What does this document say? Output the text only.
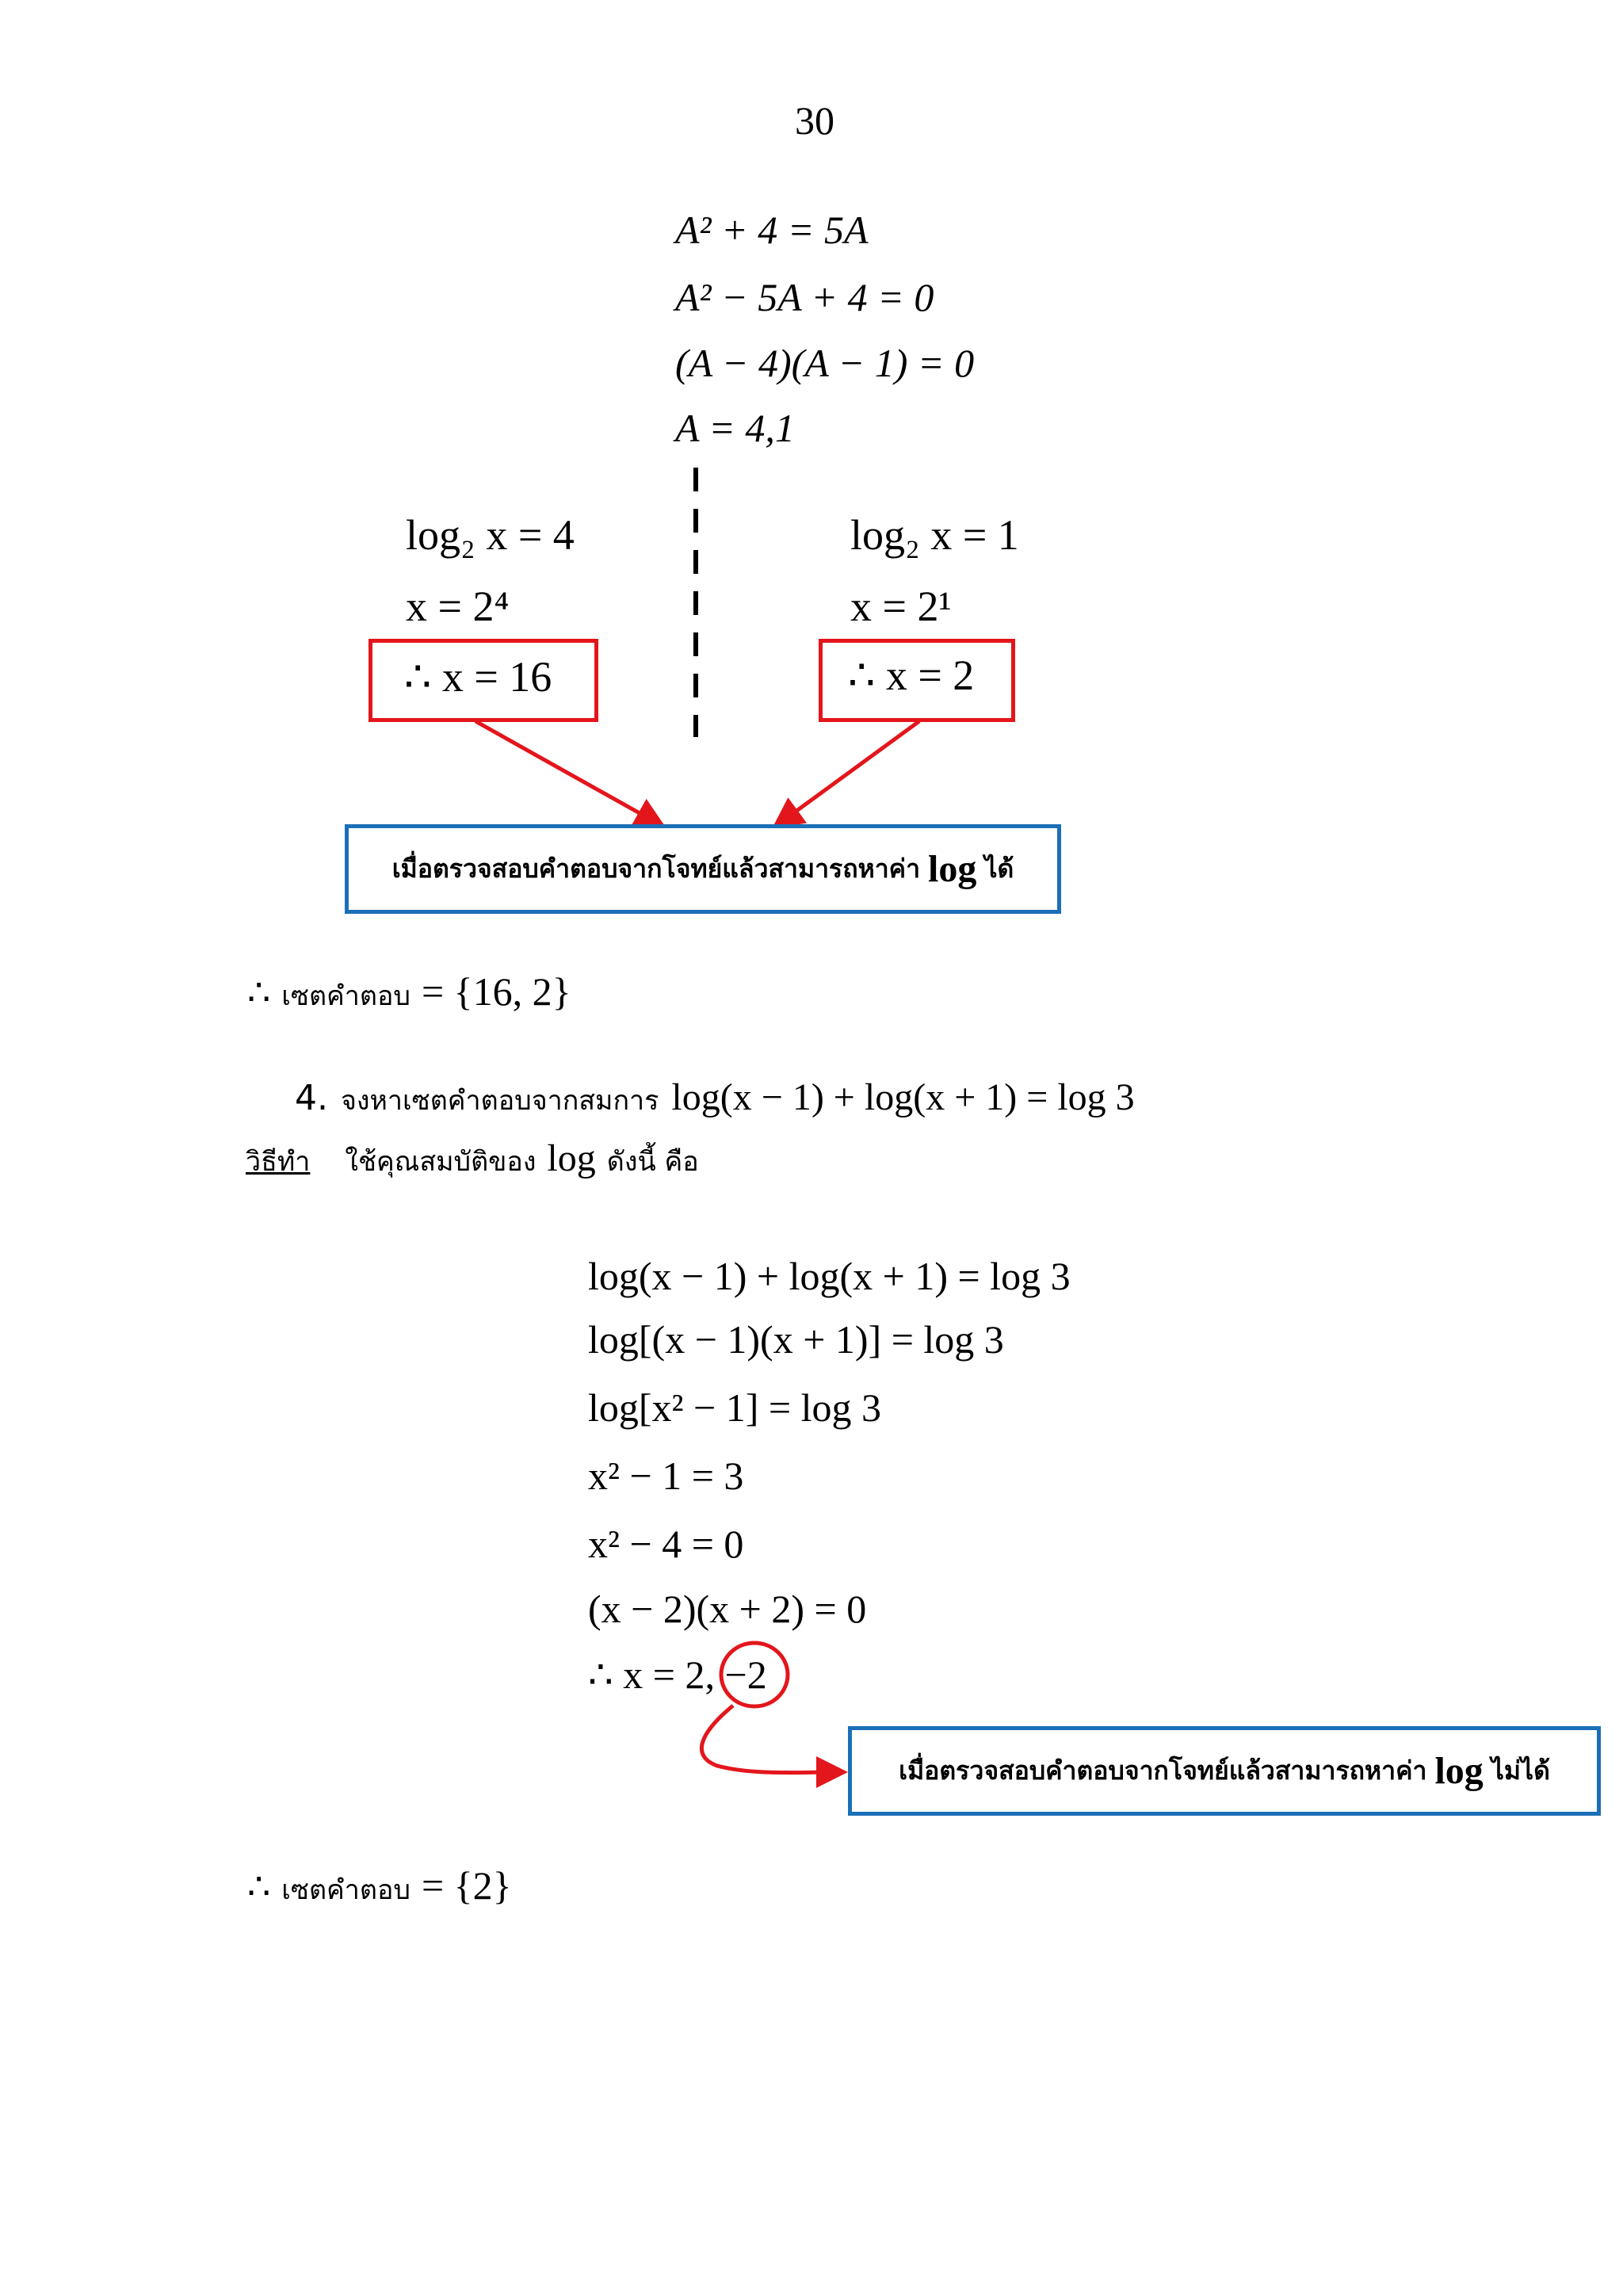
30
A² + 4 = 5A
A² − 5A + 4 = 0
(A − 4)(A − 1) = 0
A = 4,1
log₂ x = 4
x = 2⁴
∴ x = 16
log₂ x = 1
x = 2¹
∴ x = 2
เมื่อตรวจสอบคำตอบจากโจทย์แล้วสามารถหาค่า log ได้
∴ เซตคำตอบ = {16, 2}
4. จงหาเซตคำตอบจากสมการ log(x − 1) + log(x + 1) = log 3
วิธีทำ ใช้คุณสมบัติของ log ดังนี้ คือ
log(x − 1) + log(x + 1) = log 3
log[(x − 1)(x + 1)] = log 3
log[x² − 1] = log 3
x² − 1 = 3
x² − 4 = 0
(x − 2)(x + 2) = 0
∴ x = 2, −2
เมื่อตรวจสอบคำตอบจากโจทย์แล้วสามารถหาค่า log ไม่ได้
∴ เซตคำตอบ = {2}
